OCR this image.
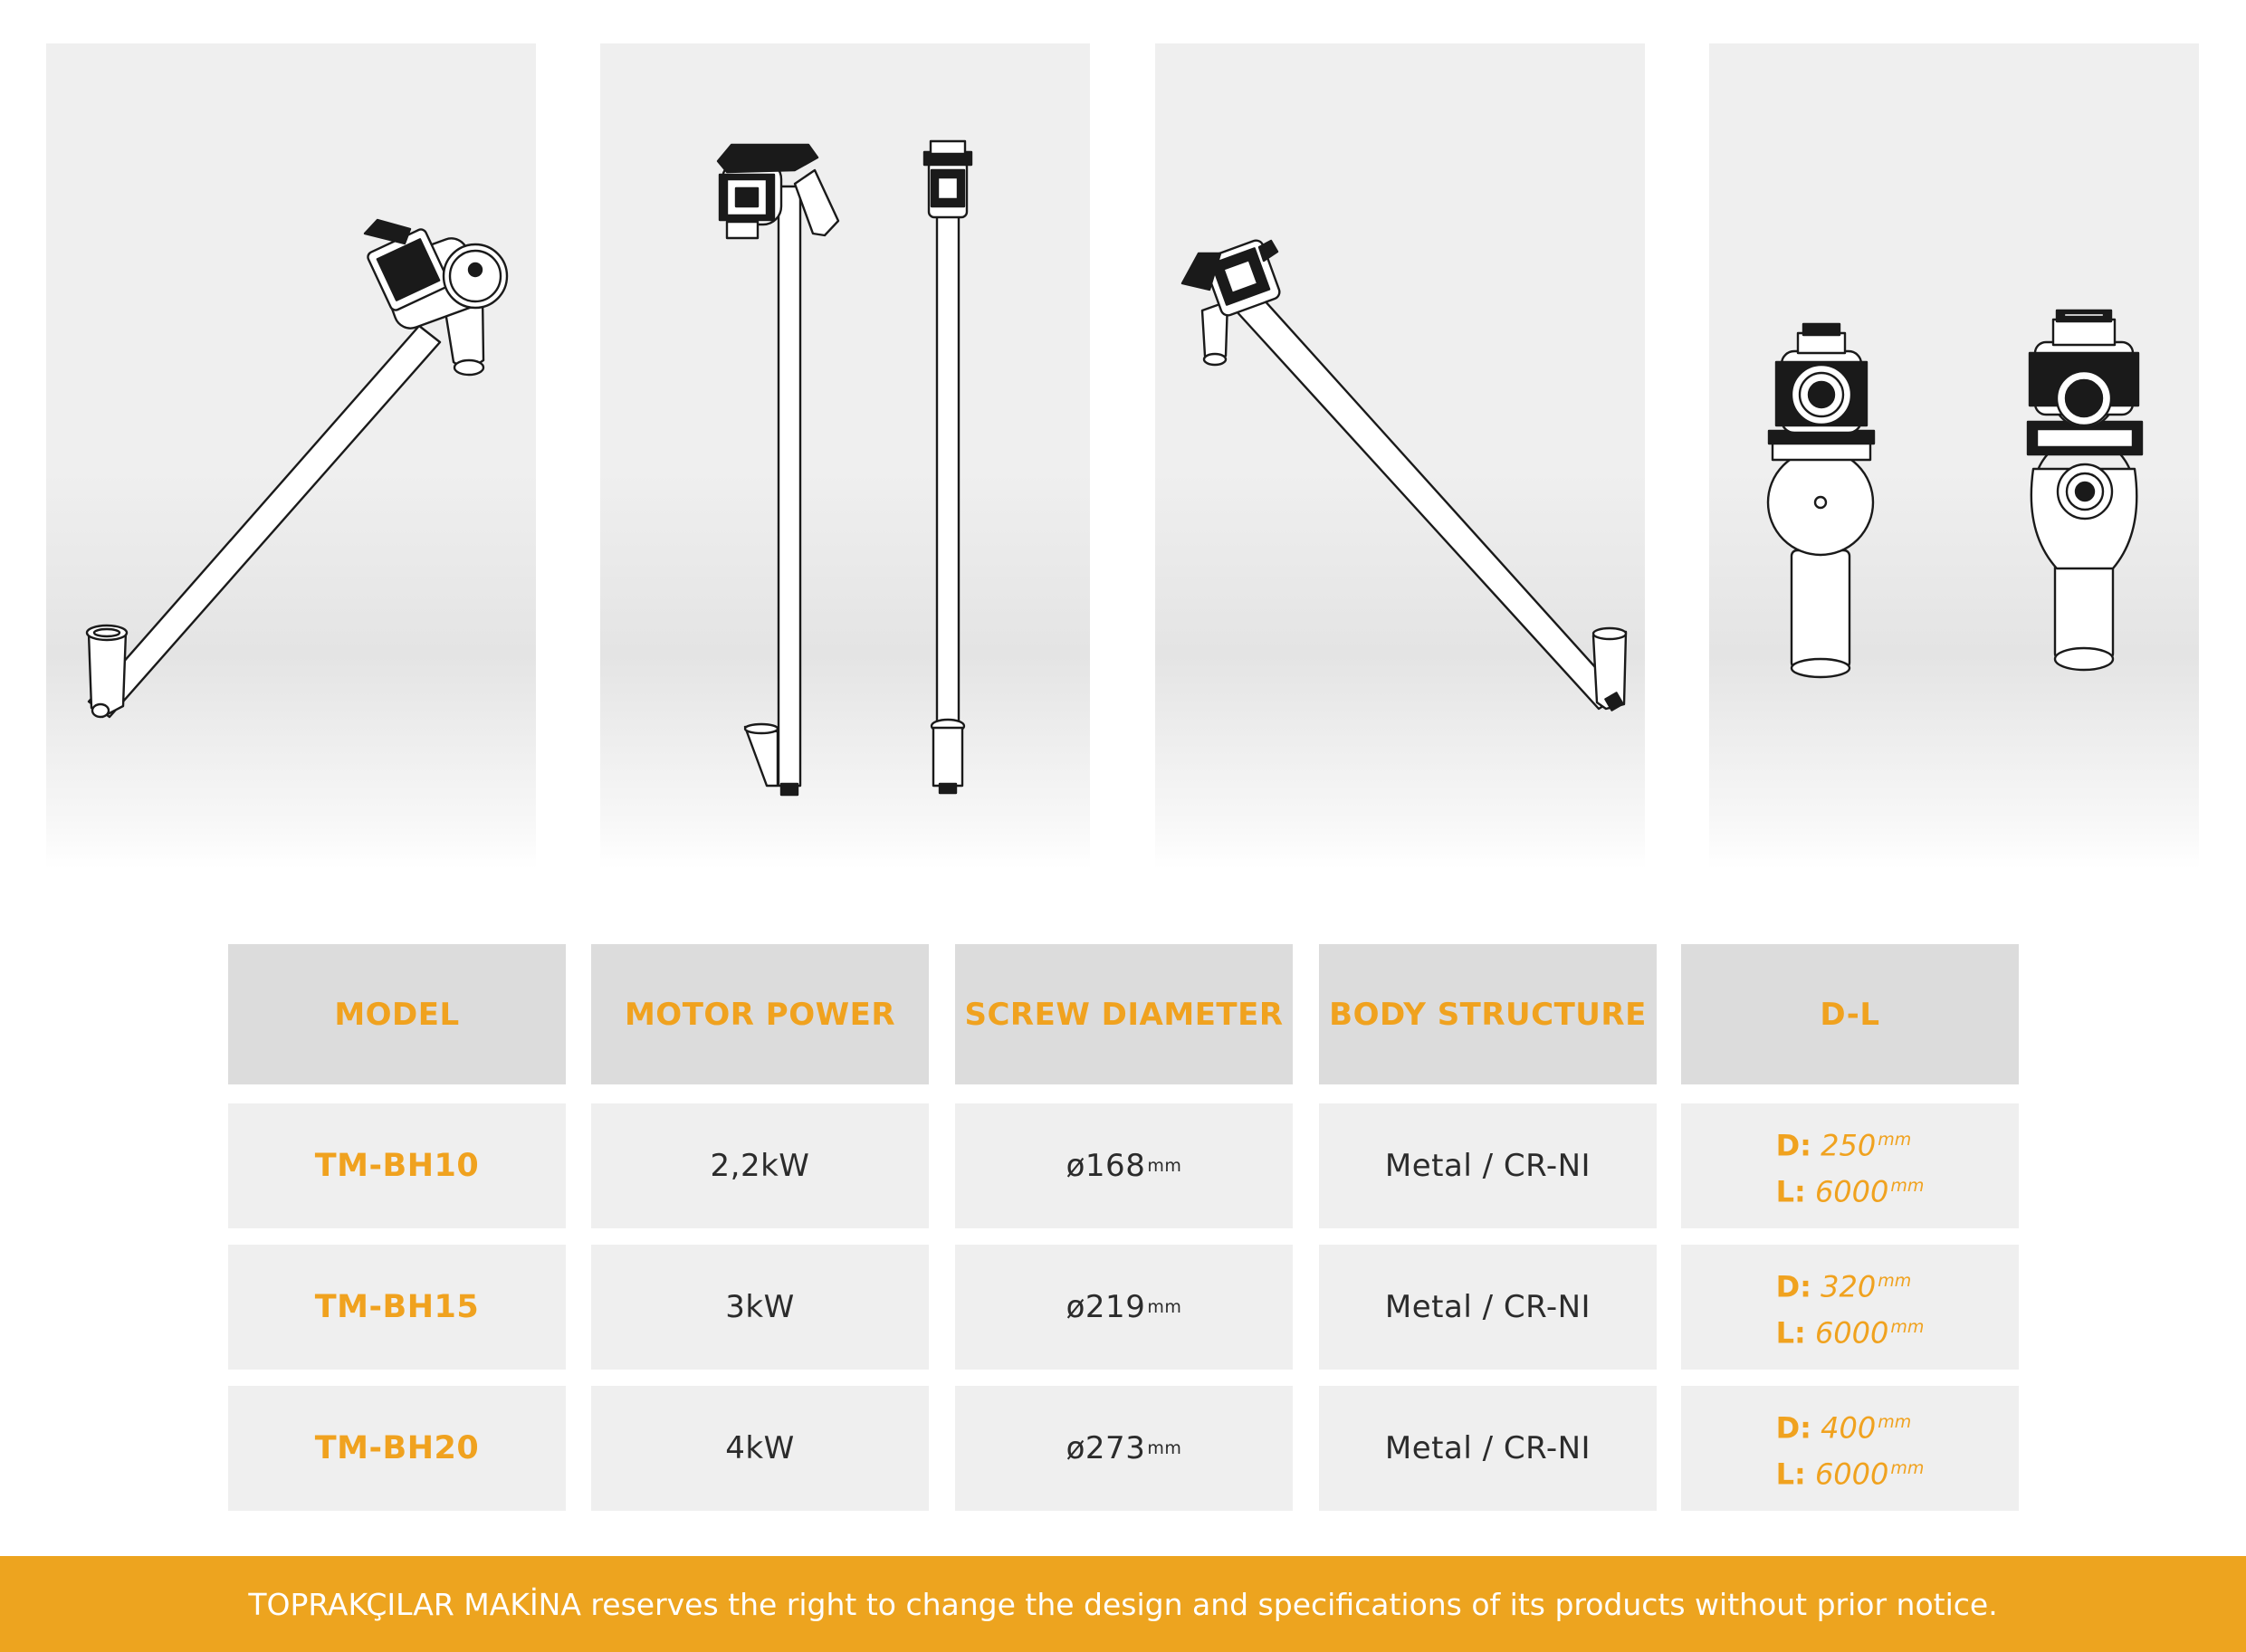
MODEL	MOTOR POWER	SCREW DIAMETER	BODY STRUCTURE	D-L
TM-BH10	2,2kW	ø168 mm	Metal / CR-NI
D: 250 $^{mm}$
L: 6000 $^{mm}$
TM-BH15	3kW	ø219 mm	Metal / CR-NI
D: 320 $^{mm}$
L: 6000 $^{mm}$
TM-BH20	4kW	ø273 mm	Metal / CR-NI
D: 400 $^{mm}$
L: 6000 $^{mm}$
TOPRAKÇILAR MAKİNA reserves the right to change the design and specifications of its products without prior notice.
